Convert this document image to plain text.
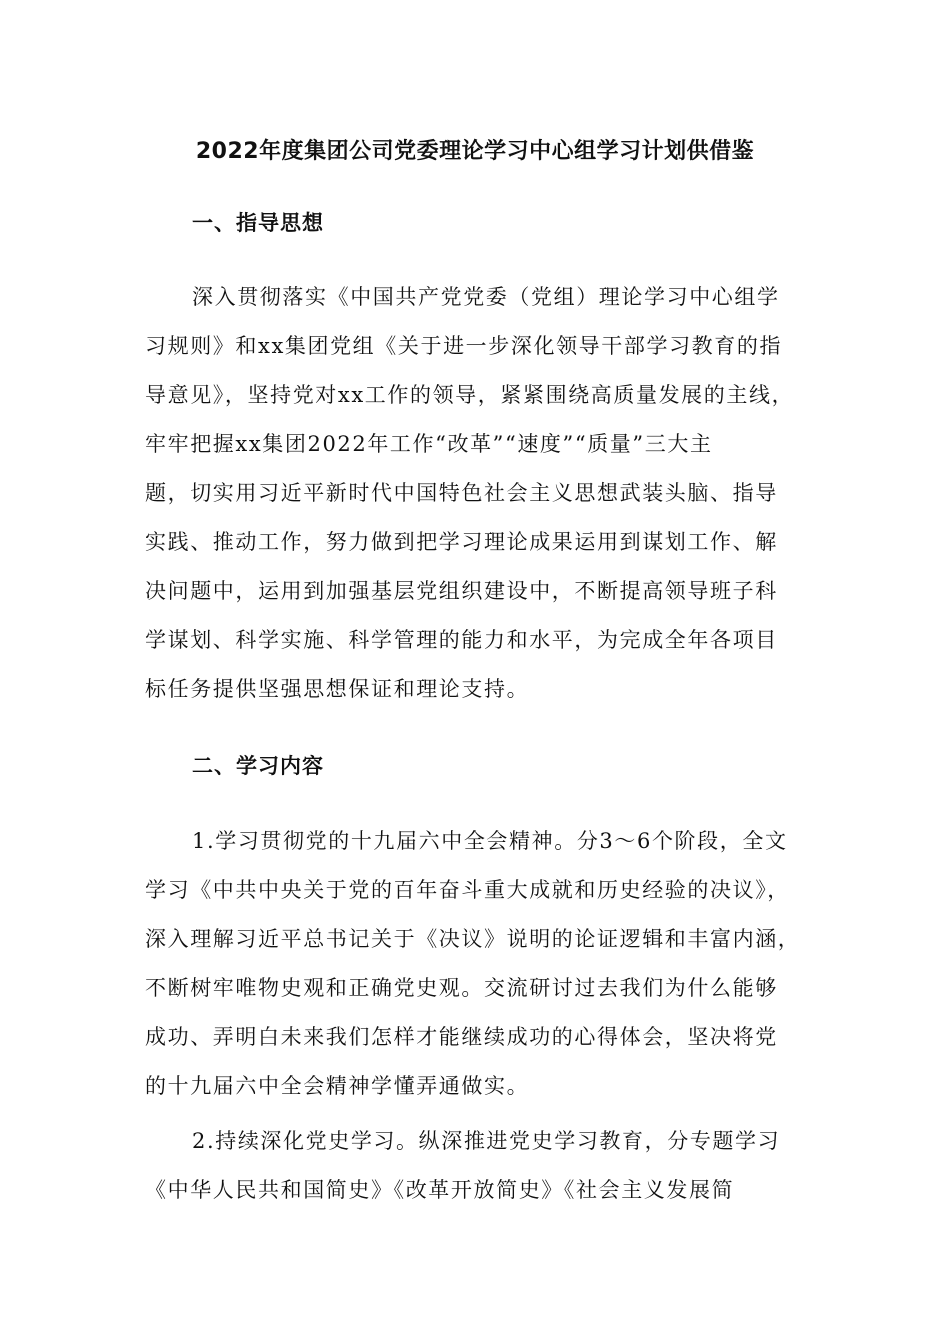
2022年度集团公司党委理论学习中心组学习计划供借鉴
一、指导思想
深入贯彻落实《中国共产党党委（党组）理论学习中心组学
习规则》和xx集团党组《关于进一步深化领导干部学习教育的指
导意见》，坚持党对xx工作的领导，紧紧围绕高质量发展的主线，
牢牢把握xx集团2022年工作“改革”“速度”“质量”三大主
题，切实用习近平新时代中国特色社会主义思想武装头脑、指导
实践、推动工作，努力做到把学习理论成果运用到谋划工作、解
决问题中，运用到加强基层党组织建设中，不断提高领导班子科
学谋划、科学实施、科学管理的能力和水平，为完成全年各项目
标任务提供坚强思想保证和理论支持。
二、学习内容
1.学习贯彻党的十九届六中全会精神。分3～6个阶段，全文
学习《中共中央关于党的百年奋斗重大成就和历史经验的决议》，
深入理解习近平总书记关于《决议》说明的论证逻辑和丰富内涵，
不断树牢唯物史观和正确党史观。交流研讨过去我们为什么能够
成功、弄明白未来我们怎样才能继续成功的心得体会，坚决将党
的十九届六中全会精神学懂弄通做实。
2.持续深化党史学习。纵深推进党史学习教育，分专题学习
《中华人民共和国简史》《改革开放简史》《社会主义发展简
